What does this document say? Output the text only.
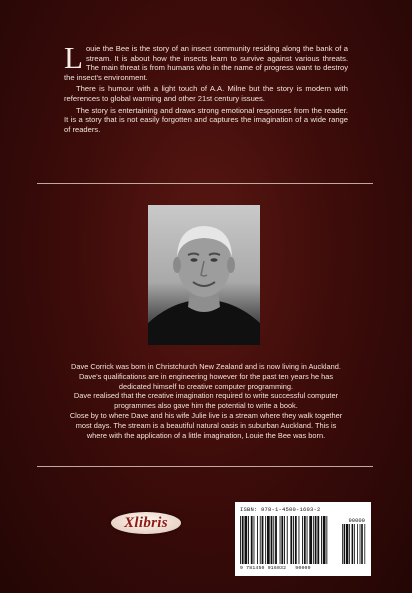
Louie the Bee is the story of an insect community residing along the bank of a stream. It is about how the insects learn to survive against various threats. The main threat is from humans who in the name of progress want to destroy the insect's environment.

There is humour with a light touch of A.A. Milne but the story is modern with references to global warming and other 21st century issues.

The story is entertaining and draws strong emotional responses from the reader. It is a story that is not easily forgotten and captures the imagination of a wide range of readers.

Dave Corrick was born in Christchurch New Zealand and is now living in Auckland.

Dave's qualifications are in engineering however for the past ten years he has

dedicated himself to creative computer programming.

Dave realised that the creative imagination required to write successful computer

programmes also gave him the potential to write a book.

Close by to where Dave and his wife Julie live is a stream where they walk together

most days. The stream is a beautiful natural oasis in suburban Auckland. This is

where with the application of a little imagination, Louie the Bee was born.

Xlibris
ISBN: 978-1-4500-1603-2
90000
9 781450 016032 90000
